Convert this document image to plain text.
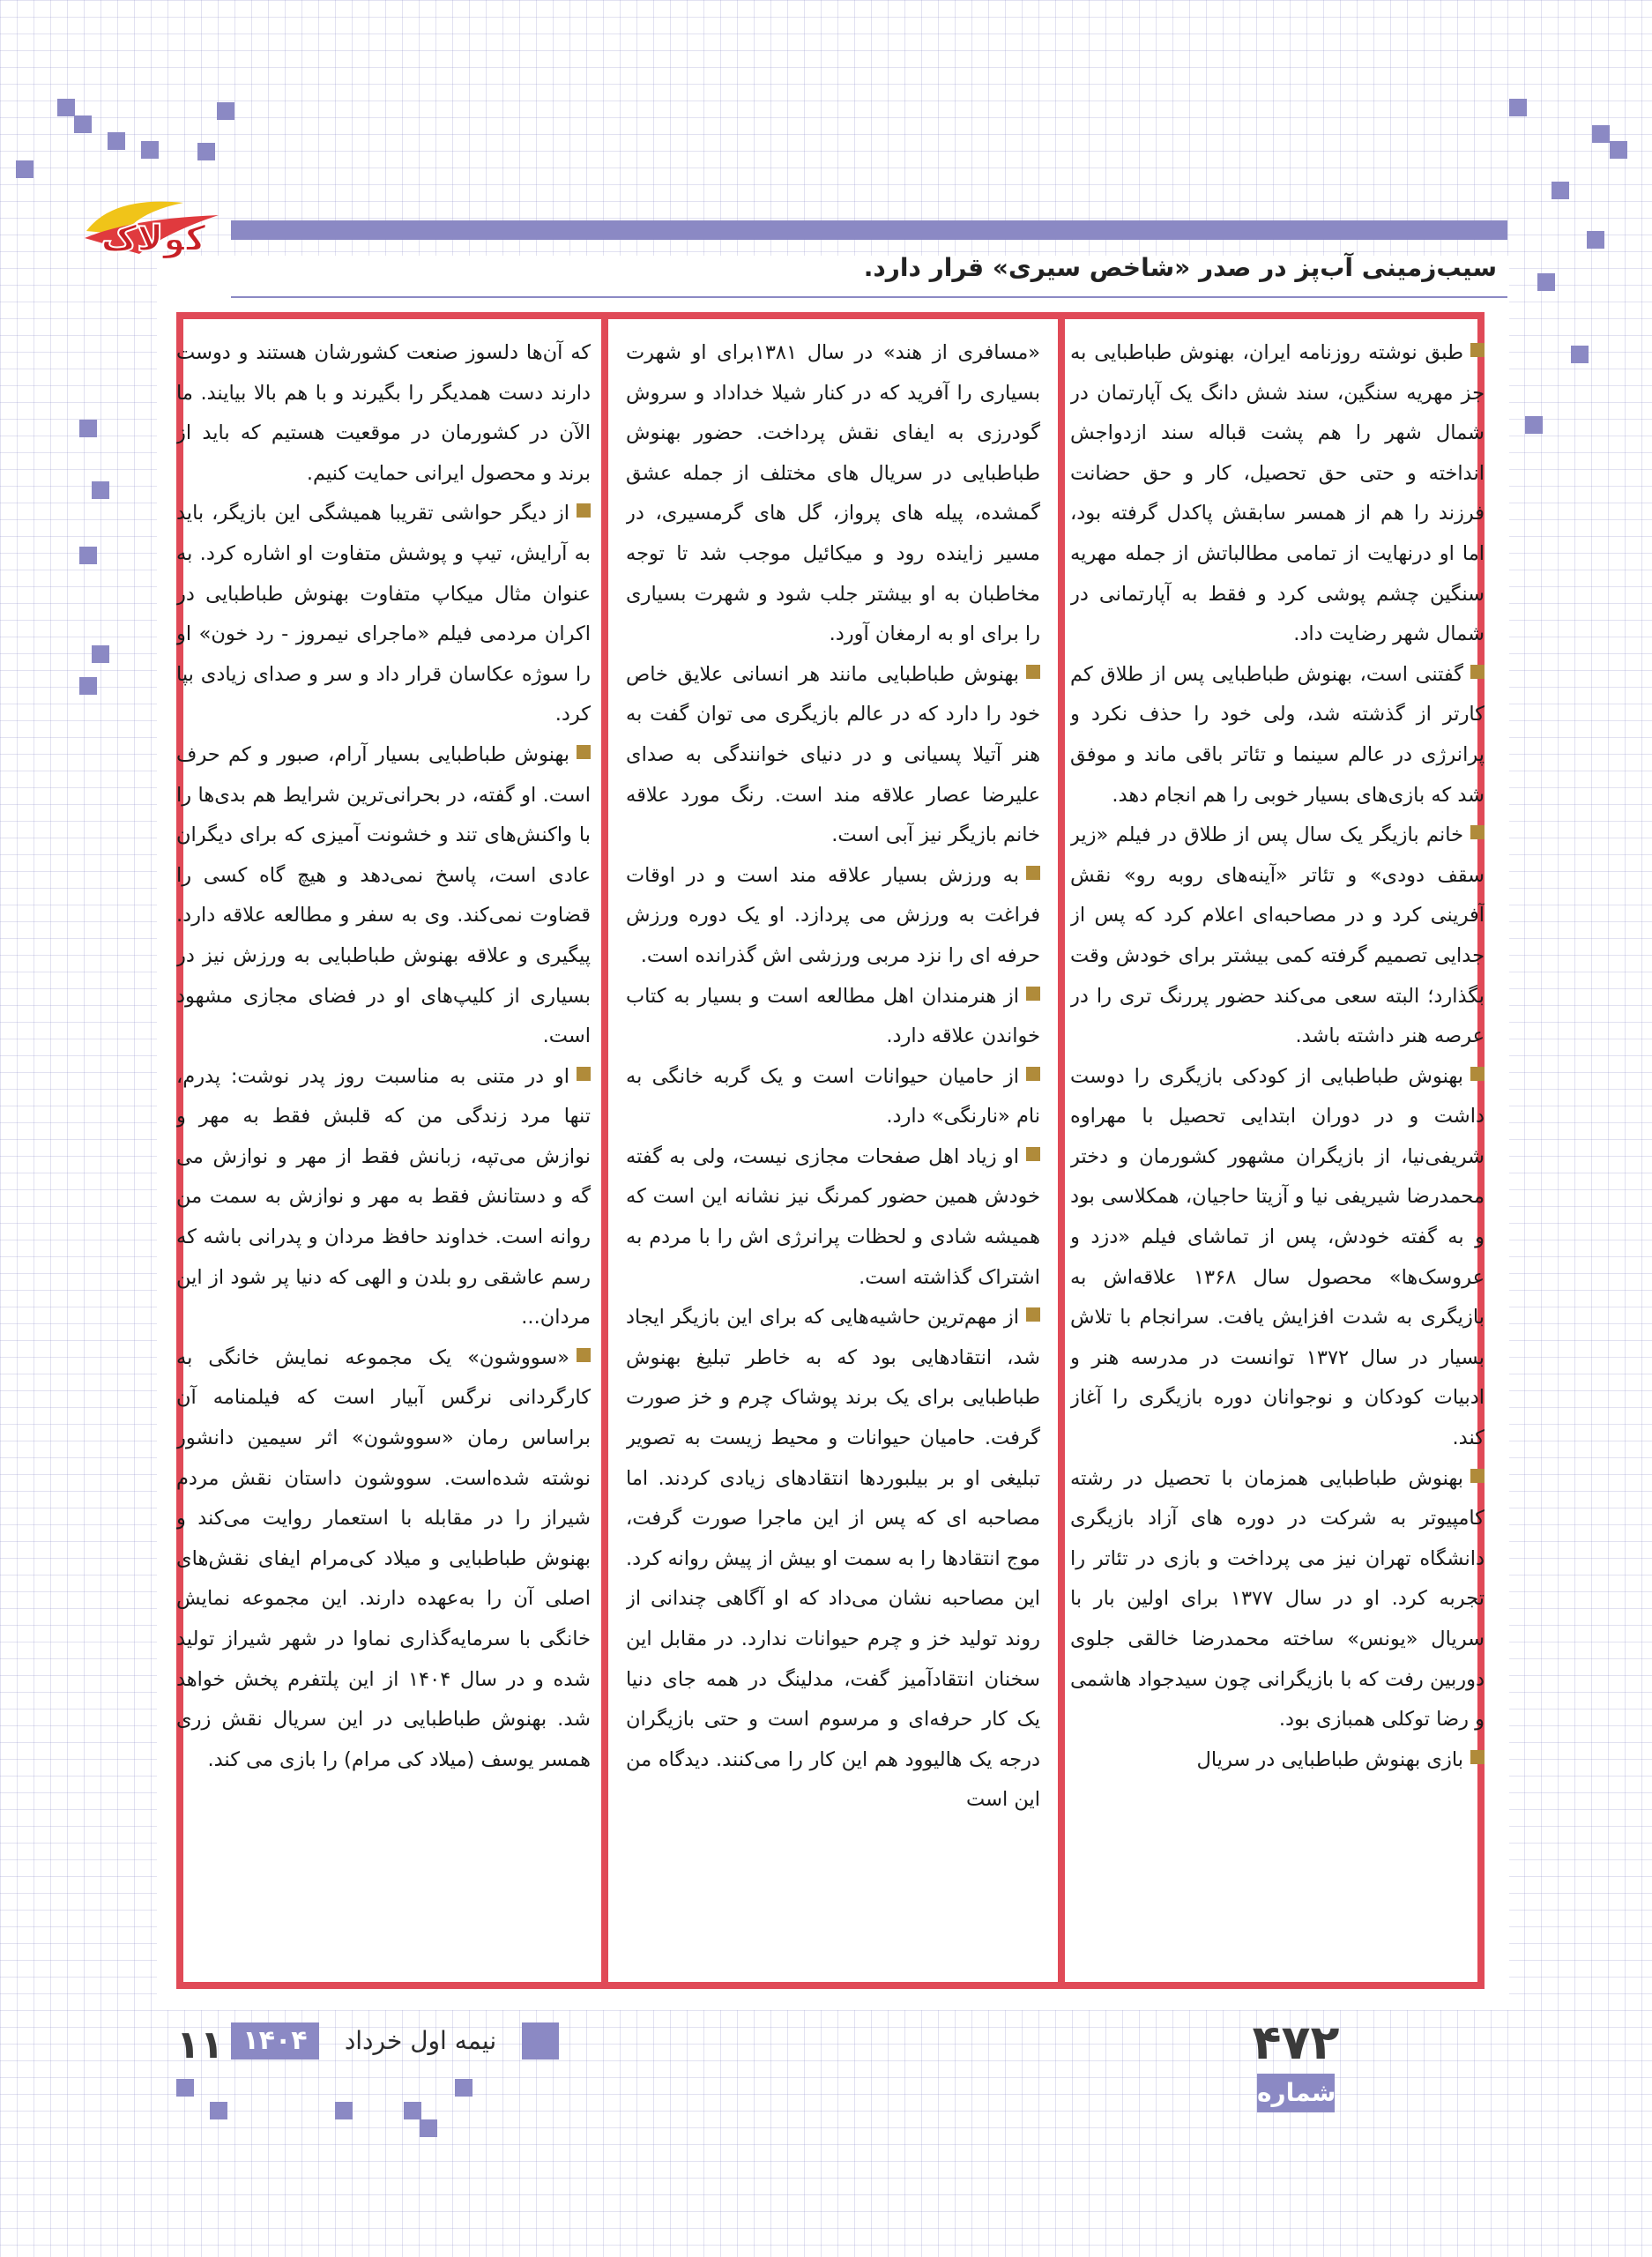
کولاک
سیب‌زمینی آب‌پز در صدر «شاخص سیری» قرار دارد.

طبق نوشته روزنامه ایران، بهنوش طباطبایی به جز مهریه سنگین، سند شش دانگ یک آپارتمان در شمال شهر را هم پشت قباله سند ازدواجش انداخته و حتی حق تحصیل، کار و حق حضانت فرزند را هم از همسر سابقش پاکدل گرفته بود، اما او درنهایت از تمامی مطالباتش از جمله مهریه سنگین چشم پوشی کرد و فقط به آپارتمانی در شمال شهر رضایت داد.

گفتنی است، بهنوش طباطبایی پس از طلاق کم کارتر از گذشته شد، ولی خود را حذف نکرد و پرانرژی در عالم سینما و تئاتر باقی ماند و موفق شد که بازی‌های بسیار خوبی را هم انجام دهد.

خانم بازیگر یک سال پس از طلاق در فیلم «زیر سقف دودی» و تئاتر «آینه‌های روبه رو» نقش آفرینی کرد و در مصاحبه‌ای اعلام کرد که پس از جدایی تصمیم گرفته کمی بیشتر برای خودش وقت بگذارد؛ البته سعی می‌کند حضور پررنگ تری را در عرصه هنر داشته باشد.

بهنوش طباطبایی از کودکی بازیگری را دوست داشت و در دوران ابتدایی تحصیل با مهراوه شریفی‌نیا، از بازیگران مشهور کشورمان و دختر محمدرضا شیریفی نیا و آزیتا حاجیان، همکلاسی بود و به گفته خودش، پس از تماشای فیلم «دزد و عروسک‌ها» محصول سال ۱۳۶۸ علاقه‌اش به بازیگری به شدت افزایش یافت. سرانجام با تلاش بسیار در سال ۱۳۷۲ توانست در مدرسه هنر و ادبیات کودکان و نوجوانان دوره بازیگری را آغاز کند.

بهنوش طباطبایی همزمان با تحصیل در رشته کامپیوتر به شرکت در دوره های آزاد بازیگری دانشگاه تهران نیز می پرداخت و بازی در تئاتر را تجربه کرد. او در سال ۱۳۷۷ برای اولین بار با سریال «یونس» ساخته محمدرضا خالقی جلوی دوربین رفت که با بازیگرانی چون سیدجواد هاشمی و رضا توکلی همبازی بود.

بازی بهنوش طباطبایی در سریال

«مسافری از هند» در سال ۱۳۸۱برای او شهرت بسیاری را آفرید که در کنار شیلا خداداد و سروش گودرزی به ایفای نقش پرداخت. حضور بهنوش طباطبایی در سریال های مختلف از جمله عشق گمشده، پیله های پرواز، گل های گرمسیری، در مسیر زاینده رود و میکائیل موجب شد تا توجه مخاطبان به او بیشتر جلب شود و شهرت بسیاری را برای او به ارمغان آورد.

بهنوش طباطبایی مانند هر انسانی علایق خاص خود را دارد که در عالم بازیگری می توان گفت به هنر آتیلا پسیانی و در دنیای خوانندگی به صدای علیرضا عصار علاقه مند است. رنگ مورد علاقه خانم بازیگر نیز آبی است.

به ورزش بسیار علاقه مند است و در اوقات فراغت به ورزش می پردازد. او یک دوره ورزش حرفه ای را نزد مربی ورزشی اش گذرانده است.

از هنرمندان اهل مطالعه است و بسیار به کتاب خواندن علاقه دارد.

از حامیان حیوانات است و یک گربه خانگی به نام «نارنگی» دارد.

او زیاد اهل صفحات مجازی نیست، ولی به گفته خودش همین حضور کمرنگ نیز نشانه این است که همیشه شادی و لحظات پرانرژی اش را با مردم به اشتراک گذاشته است.

از مهم‌ترین حاشیه‌هایی که برای این بازیگر ایجاد شد، انتقادهایی بود که به خاطر تبلیغ بهنوش طباطبایی برای یک برند پوشاک چرم و خز صورت گرفت. حامیان حیوانات و محیط زیست به تصویر تبلیغی او بر بیلبوردها انتقادهای زیادی کردند. اما مصاحبه ای که پس از این ماجرا صورت گرفت، موج انتقادها را به سمت او بیش از پیش روانه کرد. این مصاحبه نشان می‌داد که او آگاهی چندانی از روند تولید خز و چرم حیوانات ندارد. در مقابل این سخنان انتقادآمیز گفت، مدلینگ در همه جای دنیا یک کار حرفه‌ای و مرسوم است و حتی بازیگران درجه یک هالیوود هم این کار را می‌کنند. دیدگاه من این است

که آن‌ها دلسوز صنعت کشورشان هستند و دوست دارند دست همدیگر را بگیرند و با هم بالا بیایند. ما الآن در کشورمان در موقعیت هستیم که باید از برند و محصول ایرانی حمایت کنیم.

از دیگر حواشی تقریبا همیشگی این بازیگر، باید به آرایش، تیپ و پوشش متفاوت او اشاره کرد. به عنوان مثال میکاپ متفاوت بهنوش طباطبایی در اکران مردمی فیلم «ماجرای نیمروز - رد خون» او را سوژه عکاسان قرار داد و سر و صدای زیادی بپا کرد.

بهنوش طباطبایی بسیار آرام، صبور و کم حرف است. او گفته، در بحرانی‌ترین شرایط هم بدی‌ها را با واکنش‌های تند و خشونت آمیزی که برای دیگران عادی است، پاسخ نمی‌دهد و هیچ گاه کسی را قضاوت نمی‌کند. وی به سفر و مطالعه علاقه دارد. پیگیری و علاقه بهنوش طباطبایی به ورزش نیز در بسیاری از کلیپ‌های او در فضای مجازی مشهود است.

او در متنی به مناسبت روز پدر نوشت: پدرم، تنها مرد زندگی من که قلبش فقط به مهر و نوازش می‌تپه، زبانش فقط از مهر و نوازش می گه و دستانش فقط به مهر و نوازش به سمت من روانه است. خداوند حافظ مردان و پدرانی باشه که رسم عاشقی رو بلدن و الهی که دنیا پر شود از این مردان...

«سووشون» یک مجموعه نمایش خانگی به کارگردانی نرگس آبیار است که فیلمنامه آن براساس رمان «سووشون» اثر سیمین دانشور نوشته شده‌است. سووشون داستان نقش مردم شیراز را در مقابله با استعمار روایت می‌کند و بهنوش طباطبایی و میلاد کی‌مرام ایفای نقش‌های اصلی آن را به‌عهده دارند. این مجموعه نمایش خانگی با سرمایه‌گذاری نماوا در شهر شیراز تولید شده و در سال ۱۴۰۴ از این پلتفرم پخش خواهد شد. بهنوش طباطبایی در این سریال نقش زری همسر یوسف (میلاد کی مرام) را بازی می کند.

۱۱ ۱۴۰۴	نیمه اول خرداد	۴۷۲
شماره
